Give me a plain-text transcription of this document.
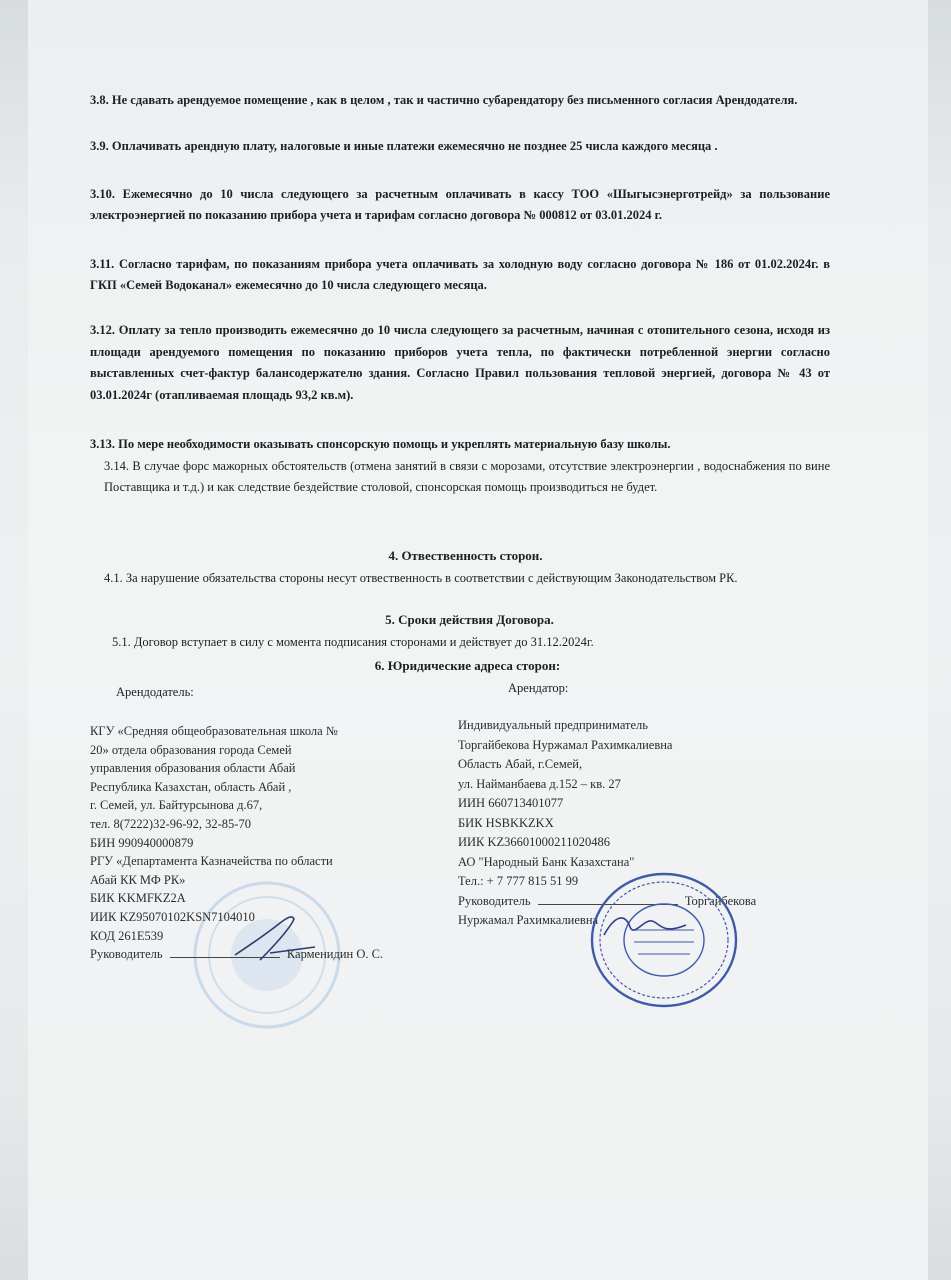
3.8. Не сдавать арендуемое помещение , как в целом , так и частично субарендатору без письменного согласия Арендодателя.

3.9. Оплачивать арендную плату, налоговые и иные платежи ежемесячно не позднее 25 числа каждого месяца .

3.10. Ежемесячно до 10 числа следующего за расчетным оплачивать в кассу ТОО «Шыгысэнерготрейд» за пользование электроэнергией по показанию прибора учета и тарифам согласно договора № 000812 от 03.01.2024 г.

3.11. Согласно тарифам, по показаниям прибора учета оплачивать за холодную воду согласно договора № 186 от 01.02.2024г. в ГКП «Семей Водоканал» ежемесячно до 10 числа следующего месяца.

3.12. Оплату за тепло производить ежемесячно до 10 числа следующего за расчетным, начиная с отопительного сезона, исходя из площади арендуемого помещения по показанию приборов учета тепла, по фактически потребленной энергии согласно выставленных счет-фактур балансодержателю здания. Согласно Правил пользования тепловой энергией, договора № 43 от 03.01.2024г (отапливаемая площадь 93,2 кв.м).

3.13. По мере необходимости оказывать спонсорскую помощь и укреплять материальную базу школы.

3.14. В случае форс мажорных обстоятельств (отмена занятий в связи с морозами, отсутствие электроэнергии , водоснабжения по вине Поставщика и т.д.) и как следствие бездействие столовой, спонсорская помощь производиться не будет.

4. Отвественность сторон.

4.1. За нарушение обязательства стороны несут отвественность в соответствии с действующим Законодательством РК.

5. Сроки действия Договора.

5.1. Договор вступает в силу с момента подписания сторонами и действует до 31.12.2024г.

6. Юридические адреса сторон:

Арендодатель:	Арендатор:

КГУ «Средняя общеобразовательная школа №
20» отдела образования города Семей
управления образования области Абай
Республика Казахстан, область Абай ,
г. Семей, ул. Байтурсынова д.67,
тел. 8(7222)32-96-92, 32-85-70
БИН 990940000879
РГУ «Департамента Казначейства по области
Абай КК МФ РК»
БИК KKMFKZ2A
ИИК KZ95070102KSN7104010
КОД 261Е539
Руководитель	Карменидин О. С.
Индивидуальный предприниматель
Торгайбекова Нуржамал Рахимкалиевна
Область Абай, г.Семей,
ул. Найманбаева д.152 – кв. 27
ИИН 660713401077
БИК HSBKKZKX
ИИК KZ36601000211020486
АО "Народный Банк Казахстана"
Тел.: + 7 777 815 51 99
Руководитель	Торгайбекова
Нуржамал Рахимкалиевна
